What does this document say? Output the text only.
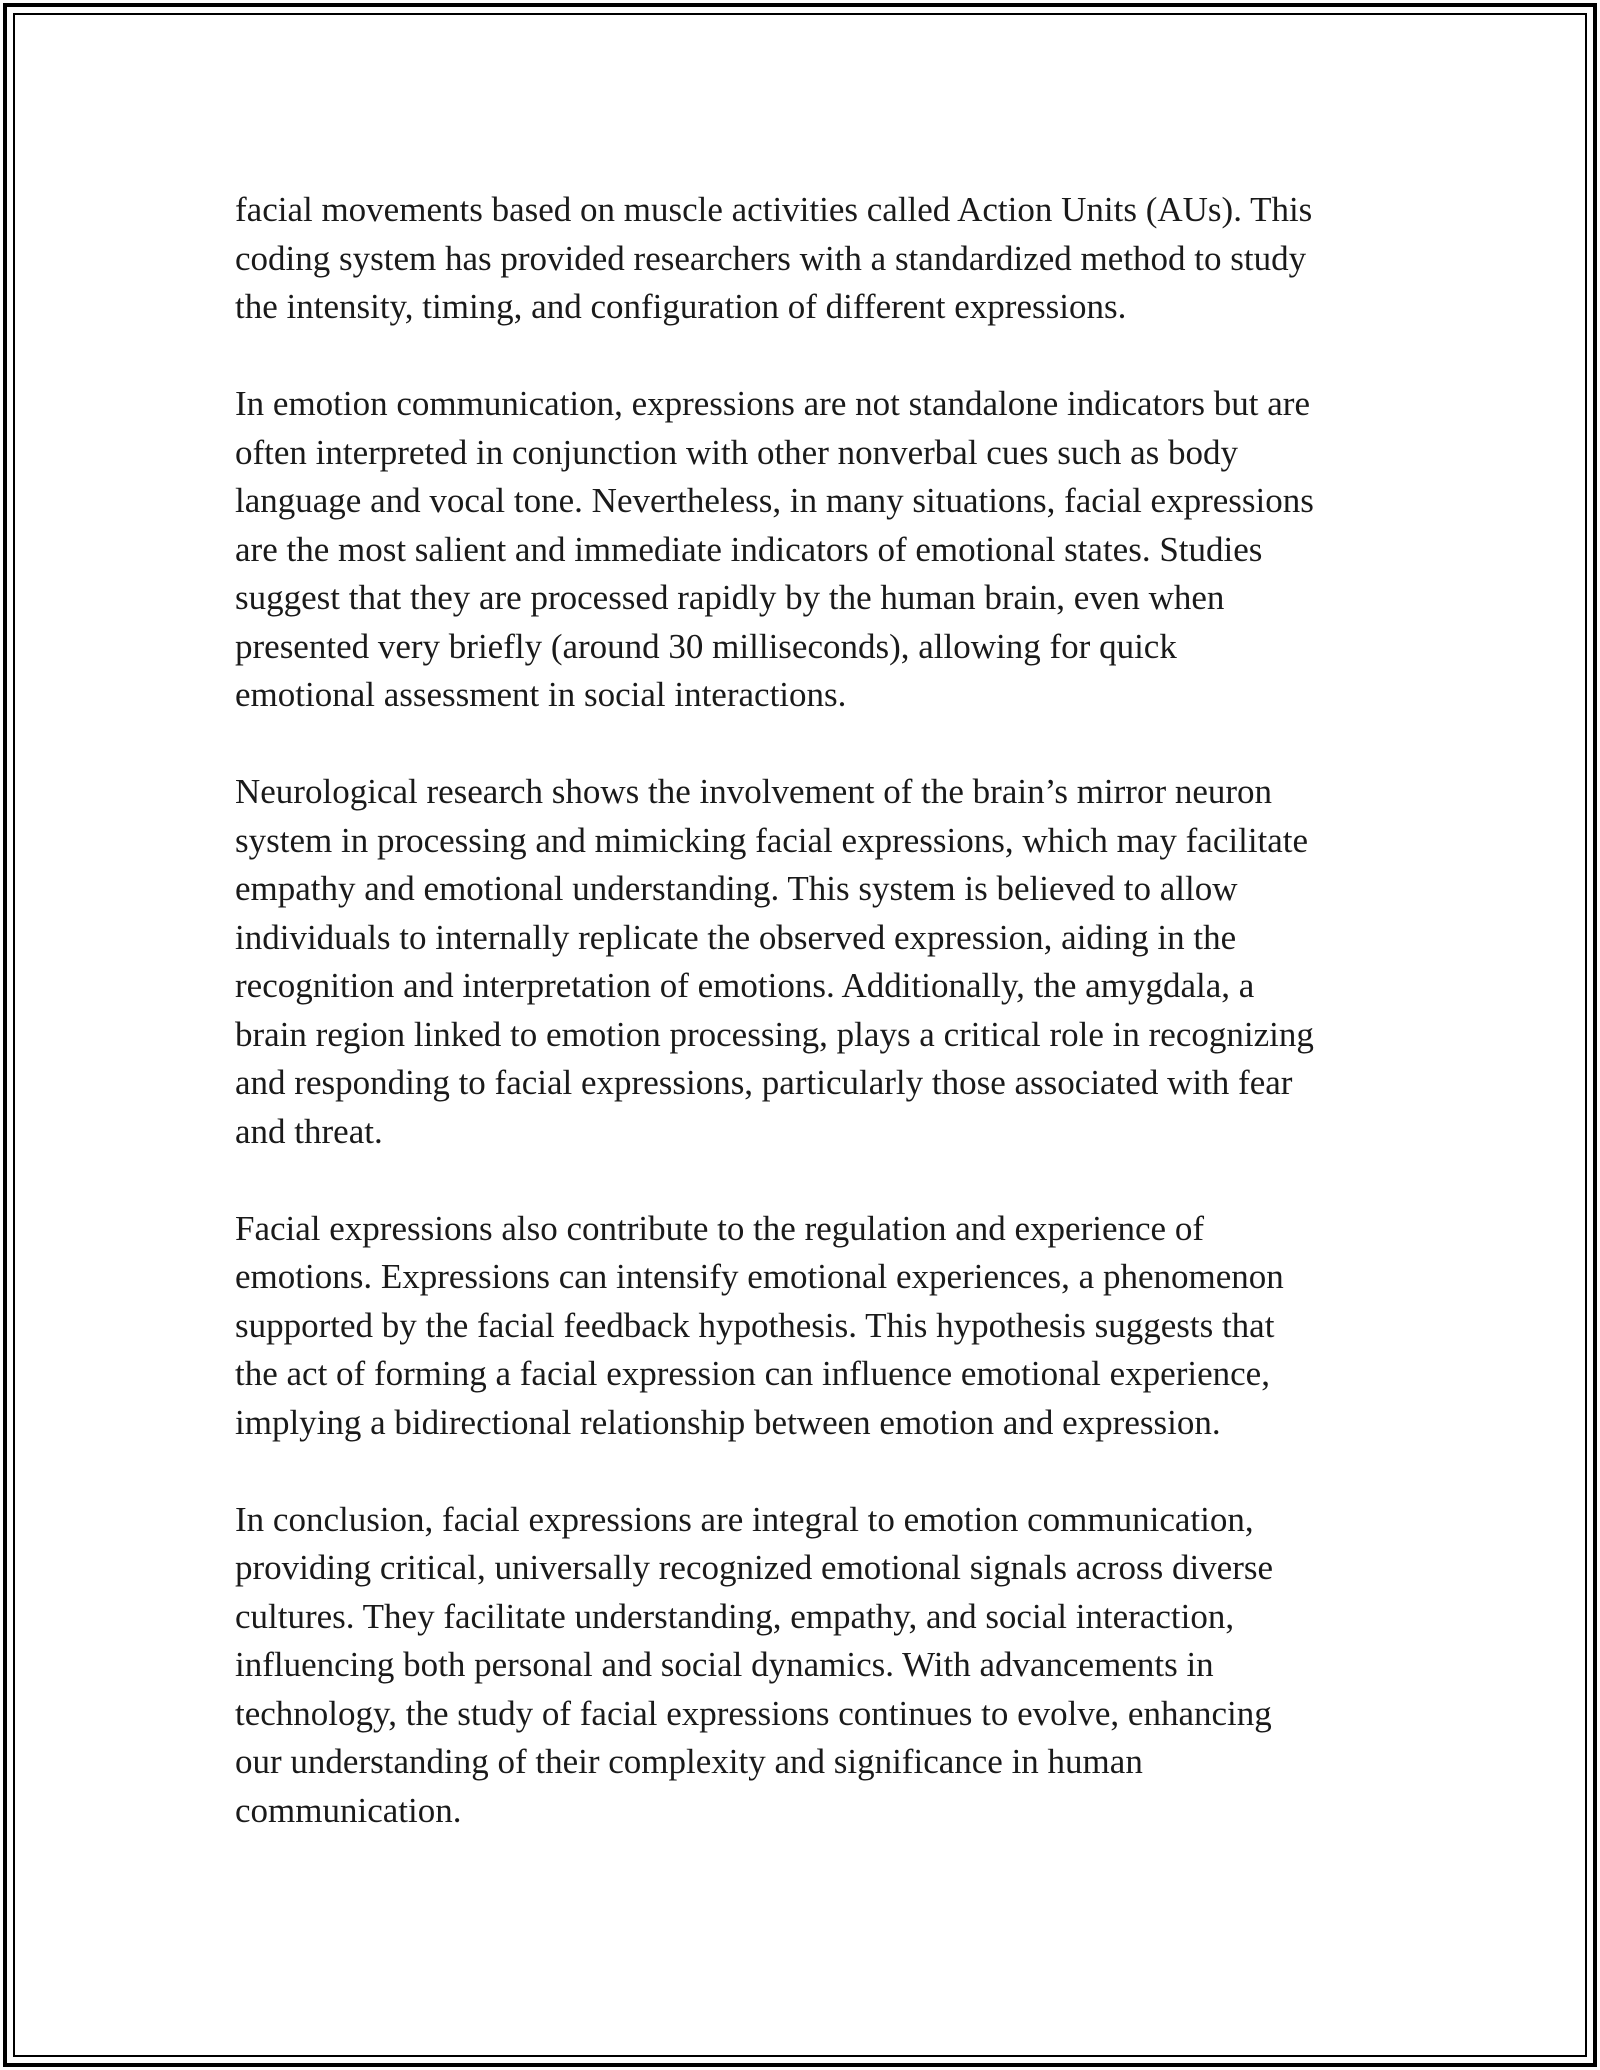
facial movements based on muscle activities called Action Units (AUs). This
coding system has provided researchers with a standardized method to study
the intensity, timing, and configuration of different expressions.

In emotion communication, expressions are not standalone indicators but are
often interpreted in conjunction with other nonverbal cues such as body
language and vocal tone. Nevertheless, in many situations, facial expressions
are the most salient and immediate indicators of emotional states. Studies
suggest that they are processed rapidly by the human brain, even when
presented very briefly (around 30 milliseconds), allowing for quick
emotional assessment in social interactions.

Neurological research shows the involvement of the brain’s mirror neuron
system in processing and mimicking facial expressions, which may facilitate
empathy and emotional understanding. This system is believed to allow
individuals to internally replicate the observed expression, aiding in the
recognition and interpretation of emotions. Additionally, the amygdala, a
brain region linked to emotion processing, plays a critical role in recognizing
and responding to facial expressions, particularly those associated with fear
and threat.

Facial expressions also contribute to the regulation and experience of
emotions. Expressions can intensify emotional experiences, a phenomenon
supported by the facial feedback hypothesis. This hypothesis suggests that
the act of forming a facial expression can influence emotional experience,
implying a bidirectional relationship between emotion and expression.

In conclusion, facial expressions are integral to emotion communication,
providing critical, universally recognized emotional signals across diverse
cultures. They facilitate understanding, empathy, and social interaction,
influencing both personal and social dynamics. With advancements in
technology, the study of facial expressions continues to evolve, enhancing
our understanding of their complexity and significance in human
communication.
